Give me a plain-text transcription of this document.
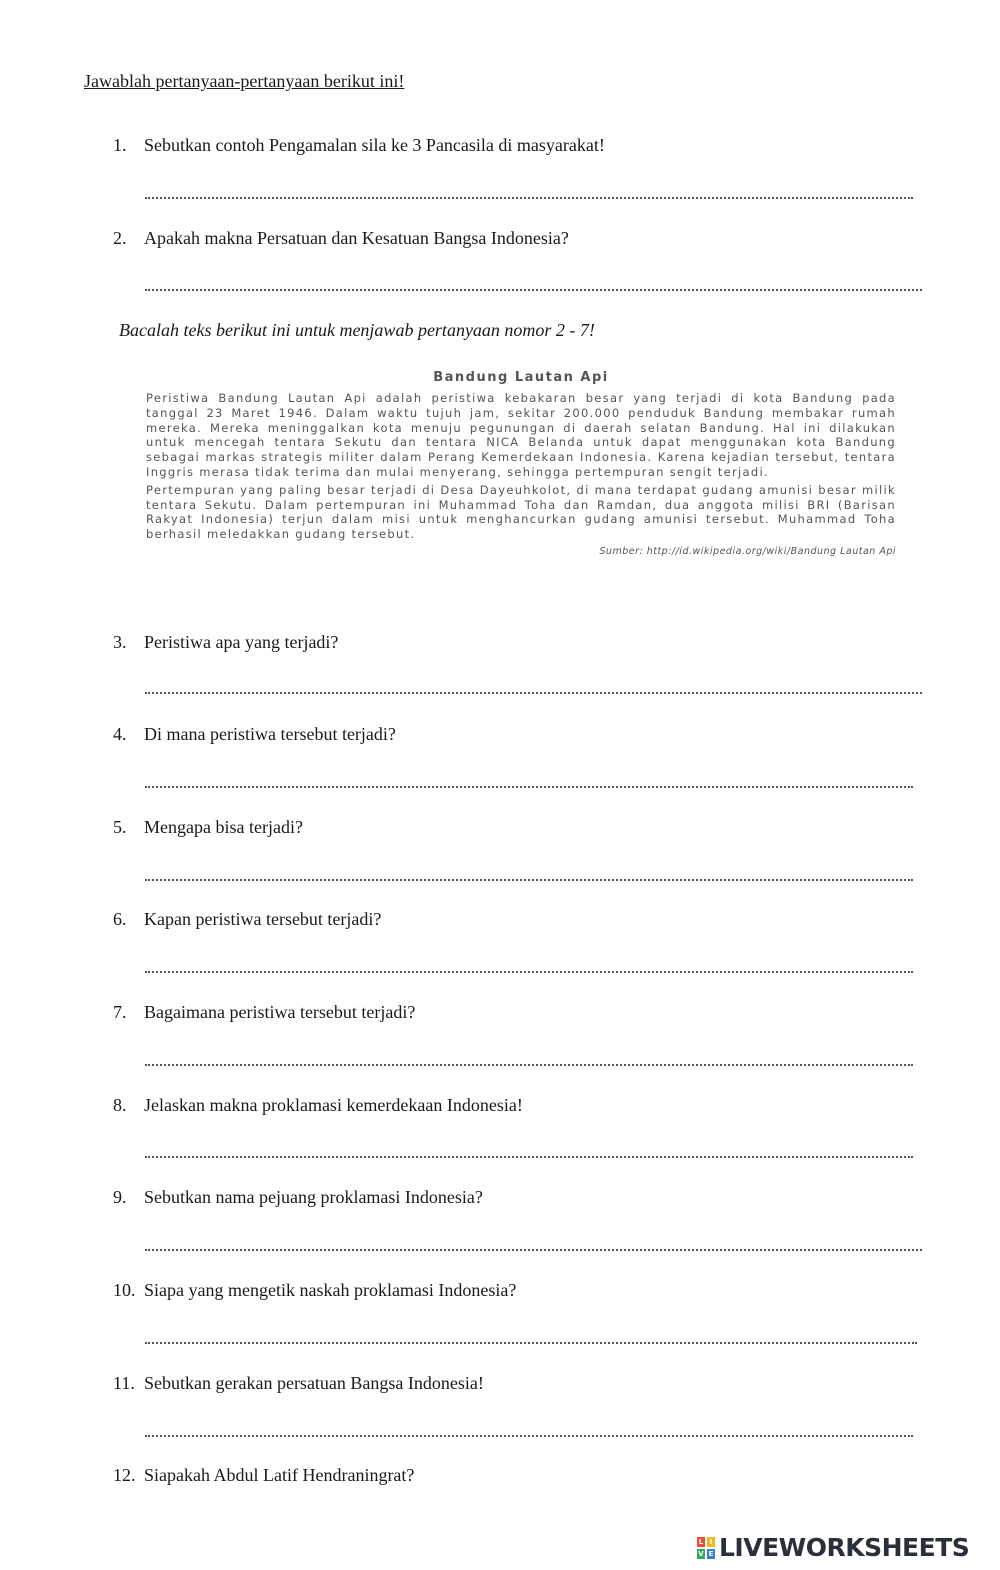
Jawablah pertanyaan-pertanyaan berikut ini!

1. Sebutkan contoh Pengamalan sila ke 3 Pancasila di masyarakat!

2. Apakah makna Persatuan dan Kesatuan Bangsa Indonesia?

Bacalah teks berikut ini untuk menjawab pertanyaan nomor 2 - 7!

Bandung Lautan Api

Peristiwa Bandung Lautan Api adalah peristiwa kebakaran besar yang terjadi di kota Bandung pada tanggal 23 Maret 1946. Dalam waktu tujuh jam, sekitar 200.000 penduduk Bandung membakar rumah mereka. Mereka meninggalkan kota menuju pegunungan di daerah selatan Bandung. Hal ini dilakukan untuk mencegah tentara Sekutu dan tentara NICA Belanda untuk dapat menggunakan kota Bandung sebagai markas strategis militer dalam Perang Kemerdekaan Indonesia. Karena kejadian tersebut, tentara Inggris merasa tidak terima dan mulai menyerang, sehingga pertempuran sengit terjadi.

Pertempuran yang paling besar terjadi di Desa Dayeuhkolot, di mana terdapat gudang amunisi besar milik tentara Sekutu. Dalam pertempuran ini Muhammad Toha dan Ramdan, dua anggota milisi BRI (Barisan Rakyat Indonesia) terjun dalam misi untuk menghancurkan gudang amunisi tersebut. Muhammad Toha berhasil meledakkan gudang tersebut.

Sumber: http://id.wikipedia.org/wiki/Bandung Lautan Api

3. Peristiwa apa yang terjadi?

4. Di mana peristiwa tersebut terjadi?

5. Mengapa bisa terjadi?

6. Kapan peristiwa tersebut terjadi?

7. Bagaimana peristiwa tersebut terjadi?

8. Jelaskan makna proklamasi kemerdekaan Indonesia!

9. Sebutkan nama pejuang proklamasi Indonesia?

10. Siapa yang mengetik naskah proklamasi Indonesia?

11. Sebutkan gerakan persatuan Bangsa Indonesia!

12. Siapakah Abdul Latif Hendraningrat?

L I
V E LIVEWORKSHEETS
